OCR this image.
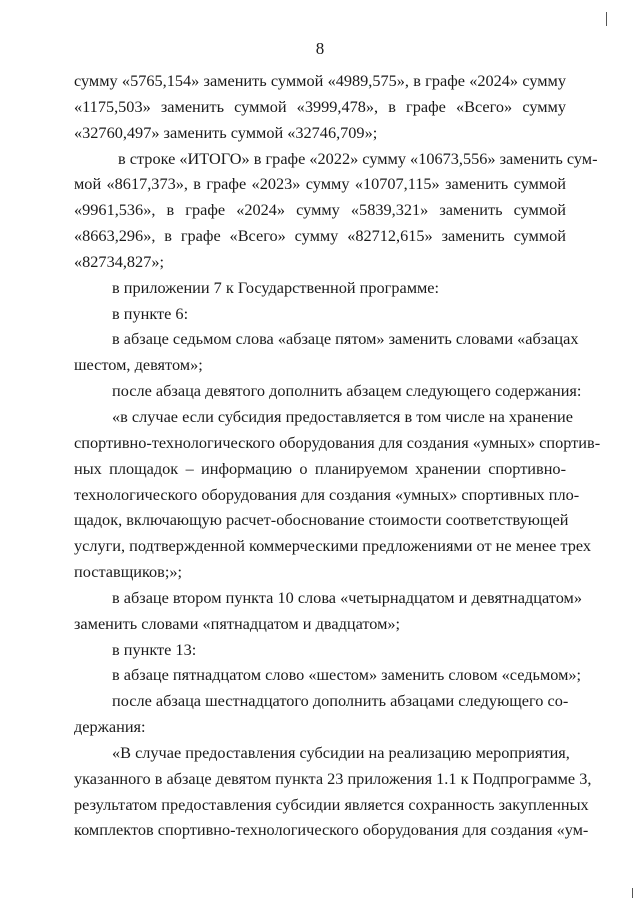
8
сумму «5765,154» заменить суммой «4989,575», в графе «2024» сумму
«1175,503» заменить суммой «3999,478», в графе «Всего» сумму
«32760,497» заменить суммой «32746,709»;
в строке «ИТОГО» в графе «2022» сумму «10673,556» заменить сум-
мой «8617,373», в графе «2023» сумму «10707,115» заменить суммой
«9961,536», в графе «2024» сумму «5839,321» заменить суммой
«8663,296», в графе «Всего» сумму «82712,615» заменить суммой
«82734,827»;
в приложении 7 к Государственной программе:
в пункте 6:
в абзаце седьмом слова «абзаце пятом» заменить словами «абзацах
шестом, девятом»;
после абзаца девятого дополнить абзацем следующего содержания:
«в случае если субсидия предоставляется в том числе на хранение
спортивно-технологического оборудования для создания «умных» спортив-
ных площадок – информацию о планируемом хранении спортивно-
технологического оборудования для создания «умных» спортивных пло-
щадок, включающую расчет-обоснование стоимости соответствующей
услуги, подтвержденной коммерческими предложениями от не менее трех
поставщиков;»;
в абзаце втором пункта 10 слова «четырнадцатом и девятнадцатом»
заменить словами «пятнадцатом и двадцатом»;
в пункте 13:
в абзаце пятнадцатом слово «шестом» заменить словом «седьмом»;
после абзаца шестнадцатого дополнить абзацами следующего со-
держания:
«В случае предоставления субсидии на реализацию мероприятия,
указанного в абзаце девятом пункта 23 приложения 1.1 к Подпрограмме 3,
результатом предоставления субсидии является сохранность закупленных
комплектов спортивно-технологического оборудования для создания «ум-
